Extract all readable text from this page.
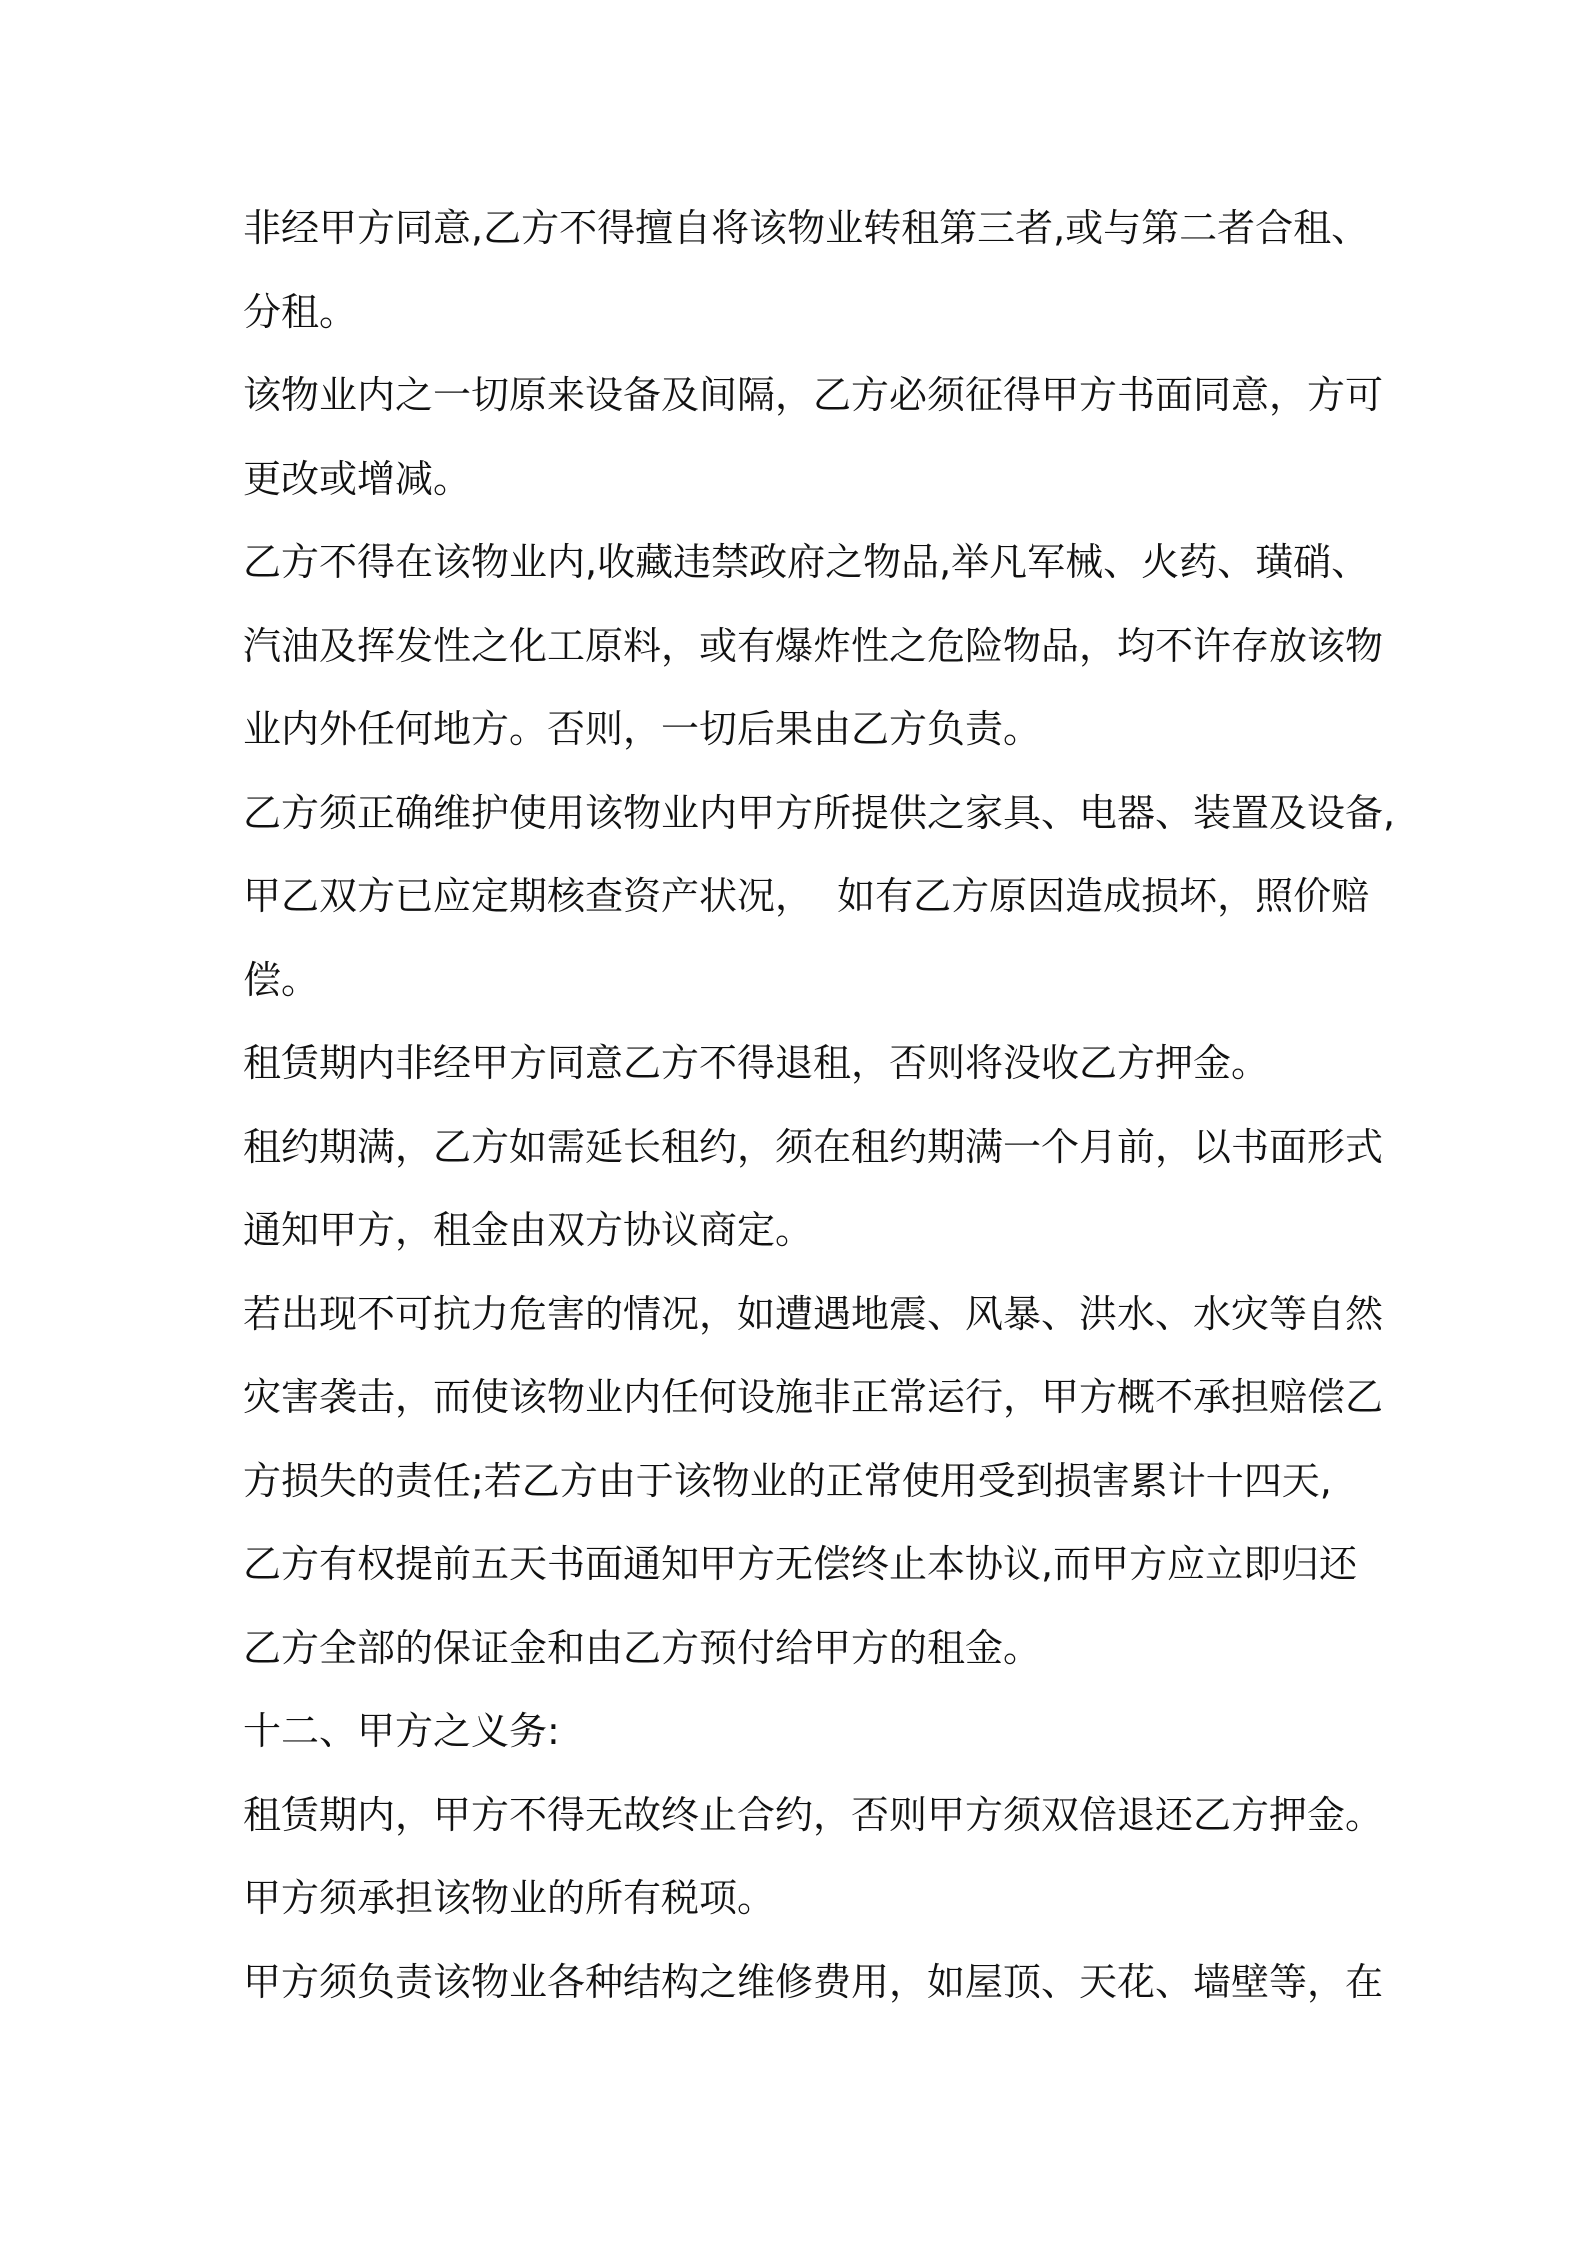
非经甲方同意,乙方不得擅自将该物业转租第三者,或与第二者合租、
分租。
该物业内之一切原来设备及间隔，乙方必须征得甲方书面同意，方可
更改或增减。
乙方不得在该物业内,收藏违禁政府之物品,举凡军械、火药、璜硝、
汽油及挥发性之化工原料，或有爆炸性之危险物品，均不许存放该物
业内外任何地方。否则，一切后果由乙方负责。
乙方须正确维护使用该物业内甲方所提供之家具、电器、装置及设备,
甲乙双方已应定期核查资产状况，  如有乙方原因造成损坏，照价赔
偿。
租赁期内非经甲方同意乙方不得退租，否则将没收乙方押金。
租约期满，乙方如需延长租约，须在租约期满一个月前，以书面形式
通知甲方，租金由双方协议商定。
若出现不可抗力危害的情况，如遭遇地震、风暴、洪水、水灾等自然
灾害袭击，而使该物业内任何设施非正常运行，甲方概不承担赔偿乙
方损失的责任;若乙方由于该物业的正常使用受到损害累计十四天,
乙方有权提前五天书面通知甲方无偿终止本协议,而甲方应立即归还
乙方全部的保证金和由乙方预付给甲方的租金。
十二、甲方之义务:
租赁期内，甲方不得无故终止合约，否则甲方须双倍退还乙方押金。
甲方须承担该物业的所有税项。
甲方须负责该物业各种结构之维修费用，如屋顶、天花、墙壁等，在
